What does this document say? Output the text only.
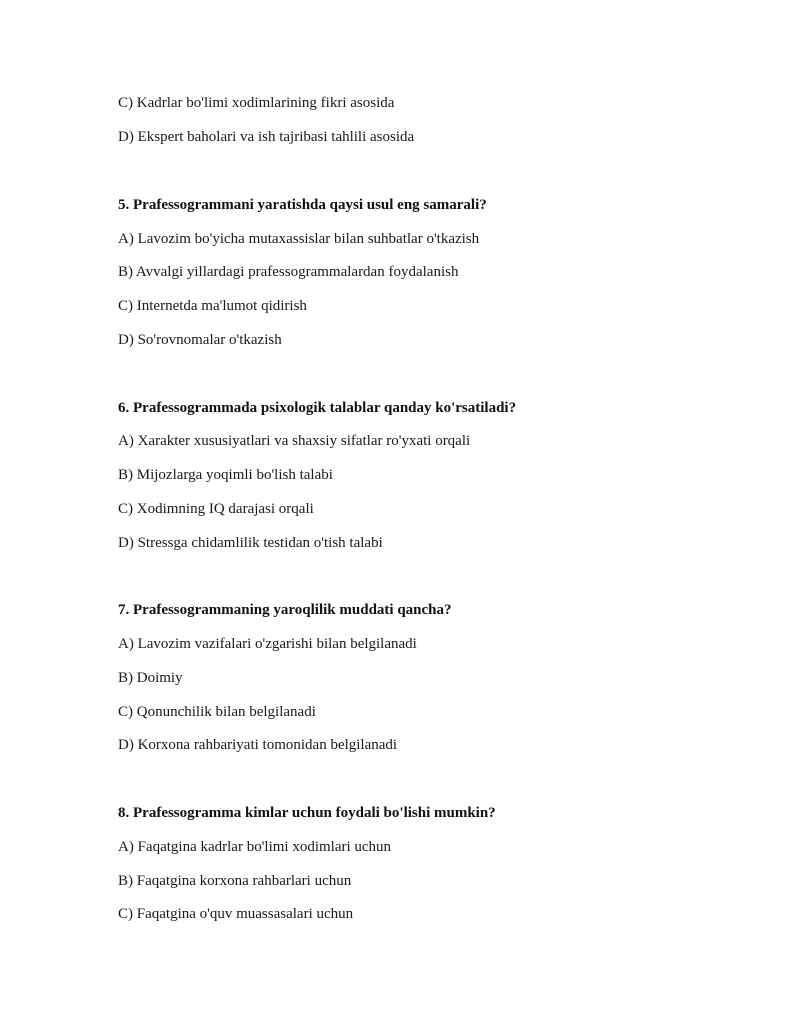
C) Kadrlar bo'limi xodimlarining fikri asosida
D) Ekspert baholari va ish tajribasi tahlili asosida
5. Prafessogrammani yaratishda qaysi usul eng samarali?
A) Lavozim bo'yicha mutaxassislar bilan suhbatlar o'tkazish
B) Avvalgi yillardagi prafessogrammalardan foydalanish
C) Internetda ma'lumot qidirish
D) So'rovnomalar o'tkazish
6. Prafessogrammada psixologik talablar qanday ko'rsatiladi?
A) Xarakter xususiyatlari va shaxsiy sifatlar ro'yxati orqali
B) Mijozlarga yoqimli bo'lish talabi
C) Xodimning IQ darajasi orqali
D) Stressga chidamlilik testidan o'tish talabi
7. Prafessogrammaning yaroqlilik muddati qancha?
A) Lavozim vazifalari o'zgarishi bilan belgilanadi
B) Doimiy
C) Qonunchilik bilan belgilanadi
D) Korxona rahbariyati tomonidan belgilanadi
8. Prafessogramma kimlar uchun foydali bo'lishi mumkin?
A) Faqatgina kadrlar bo'limi xodimlari uchun
B) Faqatgina korxona rahbarlari uchun
C) Faqatgina o'quv muassasalari uchun
